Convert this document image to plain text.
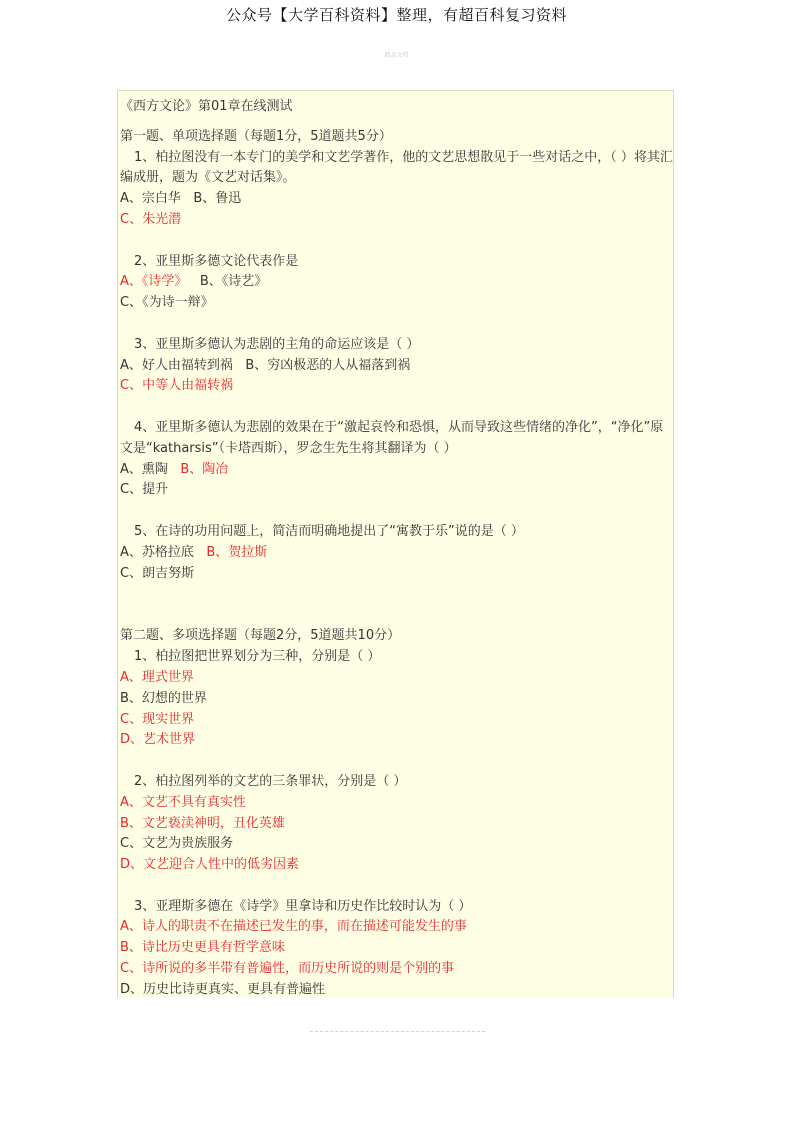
公众号【大学百科资料】整理，有超百科复习资料
精品文档

《西方文论》第01章在线测试

第一题、单项选择题（每题1分，5道题共5分）

1、柏拉图没有一本专门的美学和文艺学著作，他的文艺思想散见于一些对话之中，（ ）将其汇编成册，题为《文艺对话集》。

A、宗白华 B、鲁迅

C、朱光潜

2、亚里斯多德文论代表作是

A、《诗学》 B、《诗艺》

C、《为诗一辩》

3、亚里斯多德认为悲剧的主角的命运应该是（ ）

A、好人由福转到祸 B、穷凶极恶的人从福落到祸

C、中等人由福转祸

4、亚里斯多德认为悲剧的效果在于“激起哀怜和恐惧，从而导致这些情绪的净化”，“净化”原文是“katharsis”（卡塔西斯），罗念生先生将其翻译为（ ）

A、熏陶 B、陶冶

C、提升

5、在诗的功用问题上，简洁而明确地提出了“寓教于乐”说的是（ ）

A、苏格拉底 B、贺拉斯

C、朗吉努斯

第二题、多项选择题（每题2分，5道题共10分）

1、柏拉图把世界划分为三种，分别是（ ）

A、理式世界

B、幻想的世界

C、现实世界

D、艺术世界

2、柏拉图列举的文艺的三条罪状，分别是（ ）

A、文艺不具有真实性

B、文艺亵渎神明，丑化英雄

C、文艺为贵族服务

D、文艺迎合人性中的低劣因素

3、亚理斯多德在《诗学》里拿诗和历史作比较时认为（ ）

A、诗人的职责不在描述已发生的事，而在描述可能发生的事

B、诗比历史更具有哲学意味

C、诗所说的多半带有普遍性，而历史所说的则是个别的事

D、历史比诗更真实、更具有普遍性
